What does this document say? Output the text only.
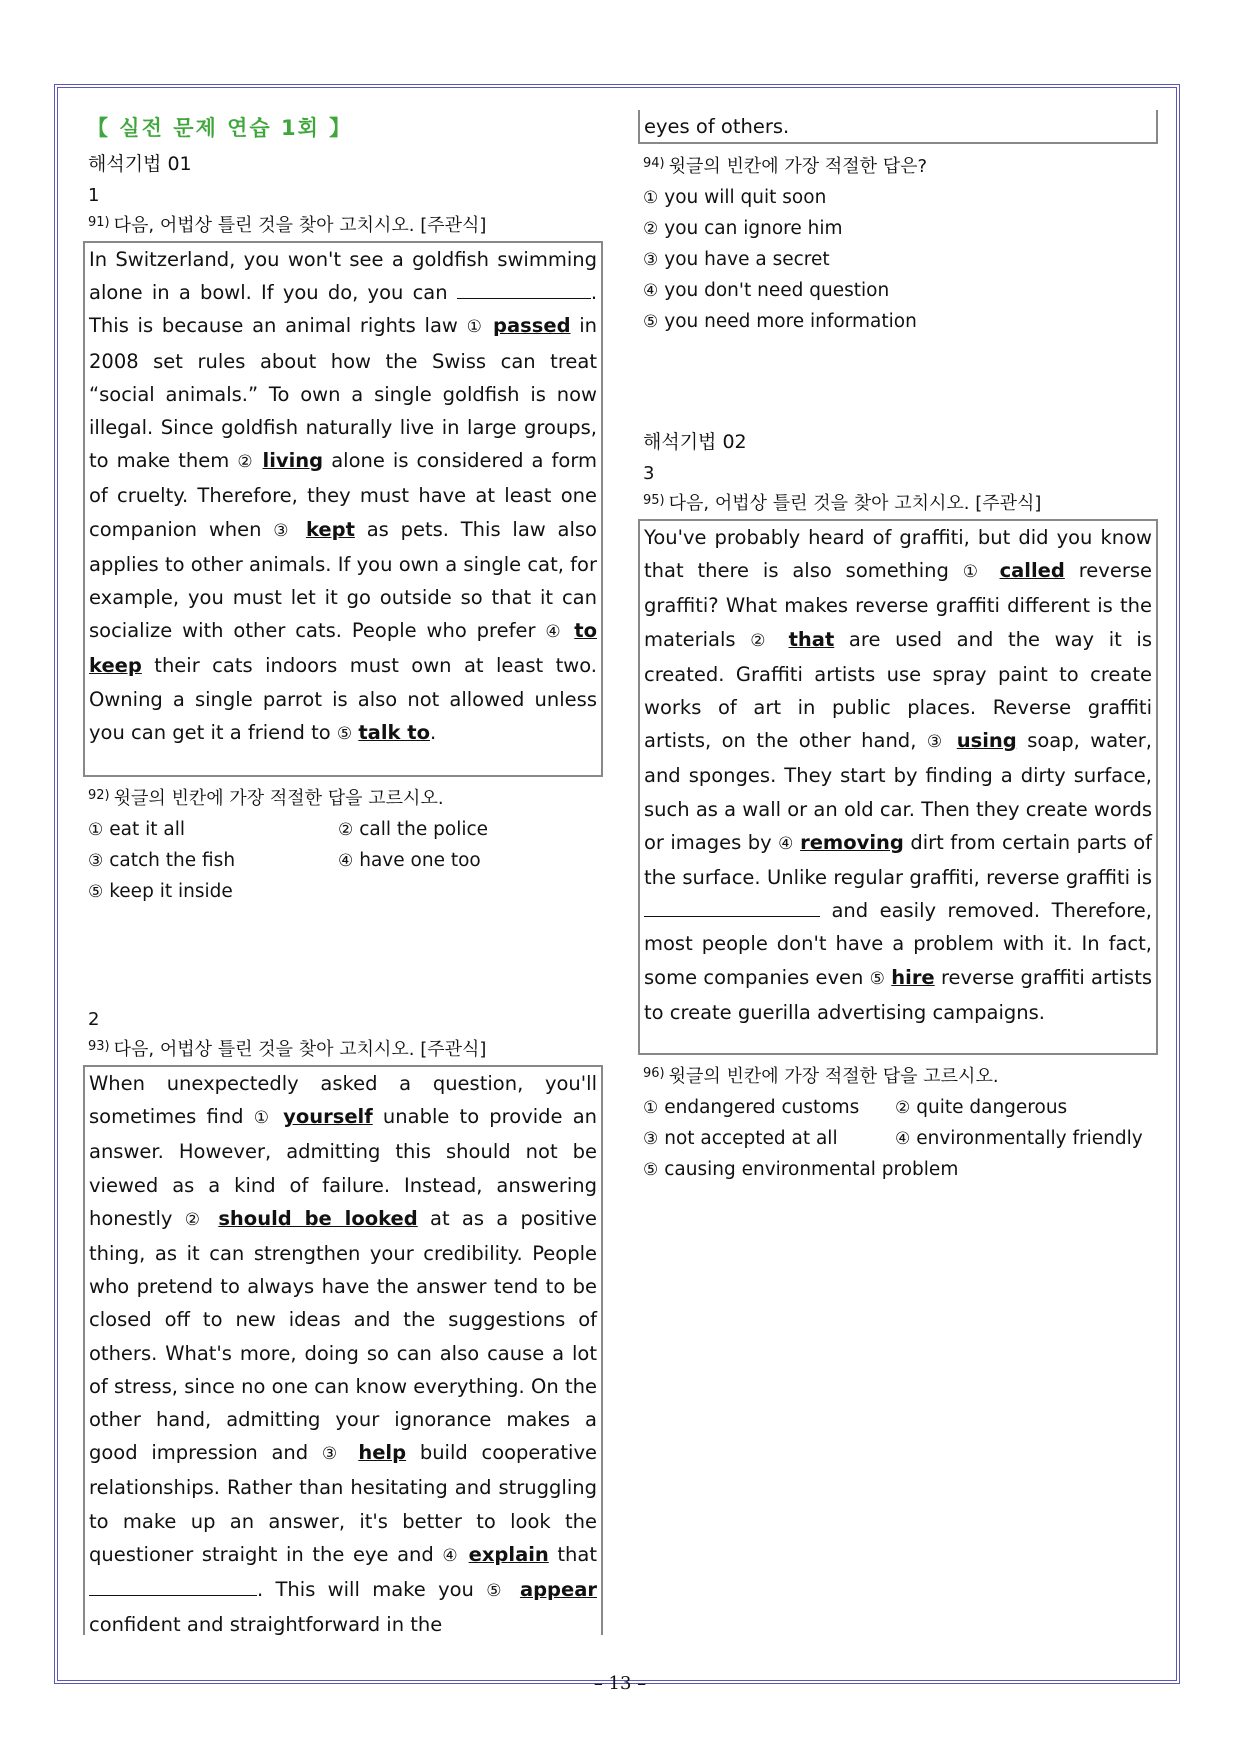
【 실전 문제 연습 1회 】
해석기법 01
1
$^{91)}$ 다음, 어법상 틀린 것을 찾아 고치시오. [주관식]
In Switzerland, you won't see a goldfish swimming alone in a bowl. If you do, you can	. This is because an animal rights law ① passed in 2008 set rules about how the Swiss can treat “social animals.” To own a single goldfish is now illegal. Since goldfish naturally live in large groups, to make them ② living alone is considered a form of cruelty. Therefore, they must have at least one companion when ③ kept as pets. This law also applies to other animals. If you own a single cat, for example, you must let it go outside so that it can socialize with other cats. People who prefer ④ to keep their cats indoors must own at least two. Owning a single parrot is also not allowed unless you can get it a friend to ⑤ talk to.
$^{92)}$ 윗글의 빈칸에 가장 적절한 답을 고르시오.
① eat it all	② call the police
③ catch the fish	④ have one too
⑤ keep it inside
2
$^{93)}$ 다음, 어법상 틀린 것을 찾아 고치시오. [주관식]
When unexpectedly asked a question, you'll sometimes find ① yourself unable to provide an answer. However, admitting this should not be viewed as a kind of failure. Instead, answering honestly ② should be looked at as a positive thing, as it can strengthen your credibility. People who pretend to always have the answer tend to be closed off to new ideas and the suggestions of others. What's more, doing so can also cause a lot of stress, since no one can know everything. On the other hand, admitting your ignorance makes a good impression and ③ help build cooperative relationships. Rather than hesitating and struggling to make up an answer, it's better to look the questioner straight in the eye and ④ explain that . This will make you ⑤ appear confident and straightforward in the
eyes of others.
$^{94)}$ 윗글의 빈칸에 가장 적절한 답은?
① you will quit soon
② you can ignore him
③ you have a secret
④ you don't need question
⑤ you need more information
해석기법 02
3
$^{95)}$ 다음, 어법상 틀린 것을 찾아 고치시오. [주관식]
You've probably heard of graffiti, but did you know that there is also something ① called reverse graffiti? What makes reverse graffiti different is the materials ② that are used and the way it is created. Graffiti artists use spray paint to create works of art in public places. Reverse graffiti artists, on the other hand, ③ using soap, water, and sponges. They start by finding a dirty surface, such as a wall or an old car. Then they create words or images by ④ removing dirt from certain parts of the surface. Unlike regular graffiti, reverse graffiti is  and easily removed. Therefore, most people don't have a problem with it. In fact, some companies even ⑤ hire reverse graffiti artists to create guerilla advertising campaigns.
$^{96)}$ 윗글의 빈칸에 가장 적절한 답을 고르시오.
① endangered customs	② quite dangerous
③ not accepted at all	④ environmentally friendly
⑤ causing environmental problem
– 13 –
